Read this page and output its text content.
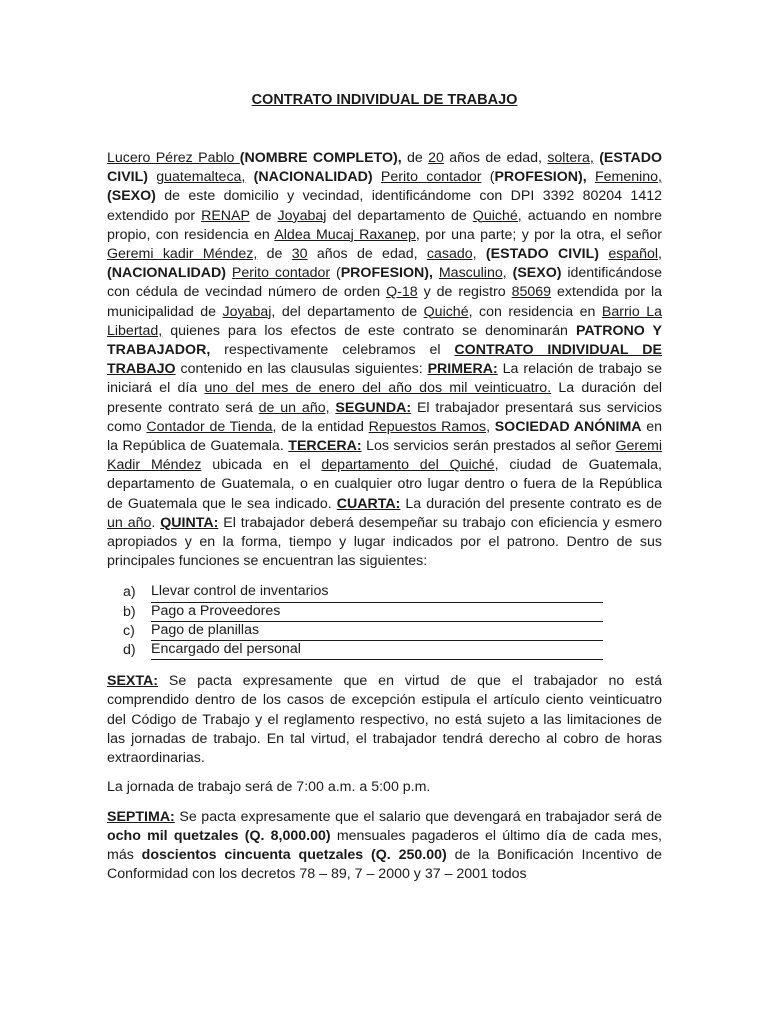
CONTRATO INDIVIDUAL DE TRABAJO

Lucero Pérez Pablo (NOMBRE COMPLETO), de 20 años de edad, soltera, (ESTADO CIVIL) guatemalteca, (NACIONALIDAD) Perito contador (PROFESION), Femenino, (SEXO) de este domicilio y vecindad, identificándome con DPI 3392 80204 1412 extendido por RENAP de Joyabaj del departamento de Quiché, actuando en nombre propio, con residencia en Aldea Mucaj Raxanep, por una parte; y por la otra, el señor Geremi kadir Méndez, de 30 años de edad, casado, (ESTADO CIVIL) español, (NACIONALIDAD) Perito contador (PROFESION), Masculino, (SEXO) identificándose con cédula de vecindad número de orden Q-18 y de registro 85069 extendida por la municipalidad de Joyabaj, del departamento de Quiché, con residencia en Barrio La Libertad, quienes para los efectos de este contrato se denominarán PATRONO Y TRABAJADOR, respectivamente celebramos el CONTRATO INDIVIDUAL DE TRABAJO contenido en las clausulas siguientes: PRIMERA: La relación de trabajo se iniciará el día uno del mes de enero del año dos mil veinticuatro. La duración del presente contrato será de un año, SEGUNDA: El trabajador presentará sus servicios como Contador de Tienda, de la entidad Repuestos Ramos, SOCIEDAD ANÓNIMA en la República de Guatemala. TERCERA: Los servicios serán prestados al señor Geremi Kadir Méndez ubicada en el departamento del Quiché, ciudad de Guatemala, departamento de Guatemala, o en cualquier otro lugar dentro o fuera de la República de Guatemala que le sea indicado. CUARTA: La duración del presente contrato es de un año. QUINTA: El trabajador deberá desempeñar su trabajo con eficiencia y esmero apropiados y en la forma, tiempo y lugar indicados por el patrono. Dentro de sus principales funciones se encuentran las siguientes:

a)	Llevar control de inventarios
b)	Pago a Proveedores
c)	Pago de planillas
d)	Encargado del personal

SEXTA: Se pacta expresamente que en virtud de que el trabajador no está comprendido dentro de los casos de excepción estipula el artículo ciento veinticuatro del Código de Trabajo y el reglamento respectivo, no está sujeto a las limitaciones de las jornadas de trabajo. En tal virtud, el trabajador tendrá derecho al cobro de horas extraordinarias.

La jornada de trabajo será de 7:00 a.m. a 5:00 p.m.

SEPTIMA: Se pacta expresamente que el salario que devengará en trabajador será de ocho mil quetzales (Q. 8,000.00) mensuales pagaderos el último día de cada mes, más doscientos cincuenta quetzales (Q. 250.00) de la Bonificación Incentivo de Conformidad con los decretos 78 – 89, 7 – 2000 y 37 – 2001 todos
